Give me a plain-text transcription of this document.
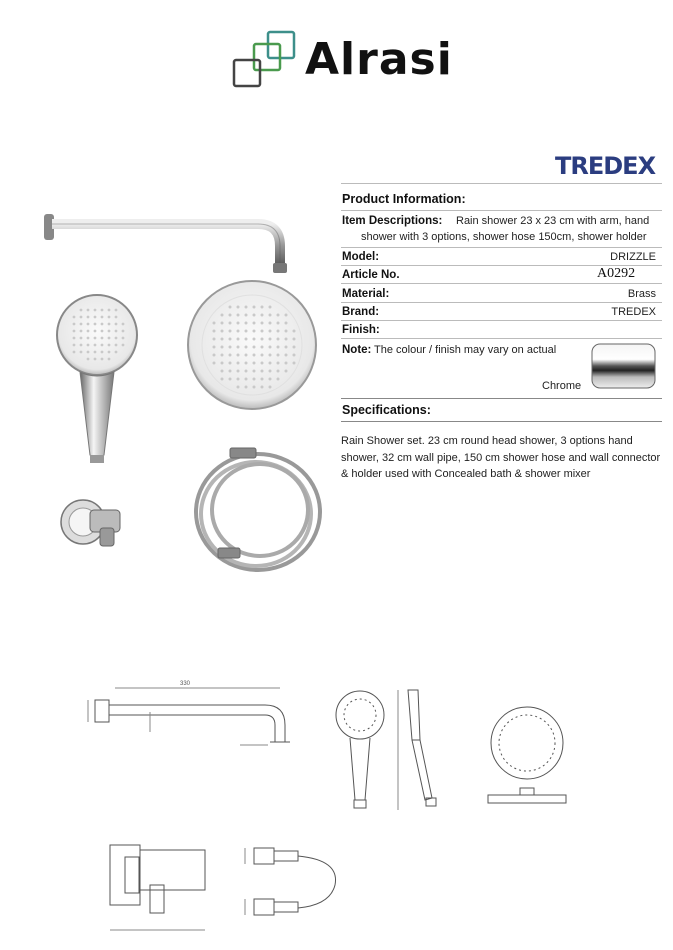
Alrasi
TREDEX
Product Information:
Item Descriptions: Rain shower 23 x 23 cm with arm, hand
shower with 3 options, shower hose 150cm, shower holder
Model:	DRIZZLE
Article No.	A0292
Material:	Brass
Brand:	TREDEX
Finish:
Note: The colour / finish may vary on actual
Chrome
Specifications:
Rain Shower set. 23 cm round head shower, 3 options hand shower, 32 cm wall pipe, 150 cm shower hose and wall connector & holder used with Concealed bath & shower mixer
330
